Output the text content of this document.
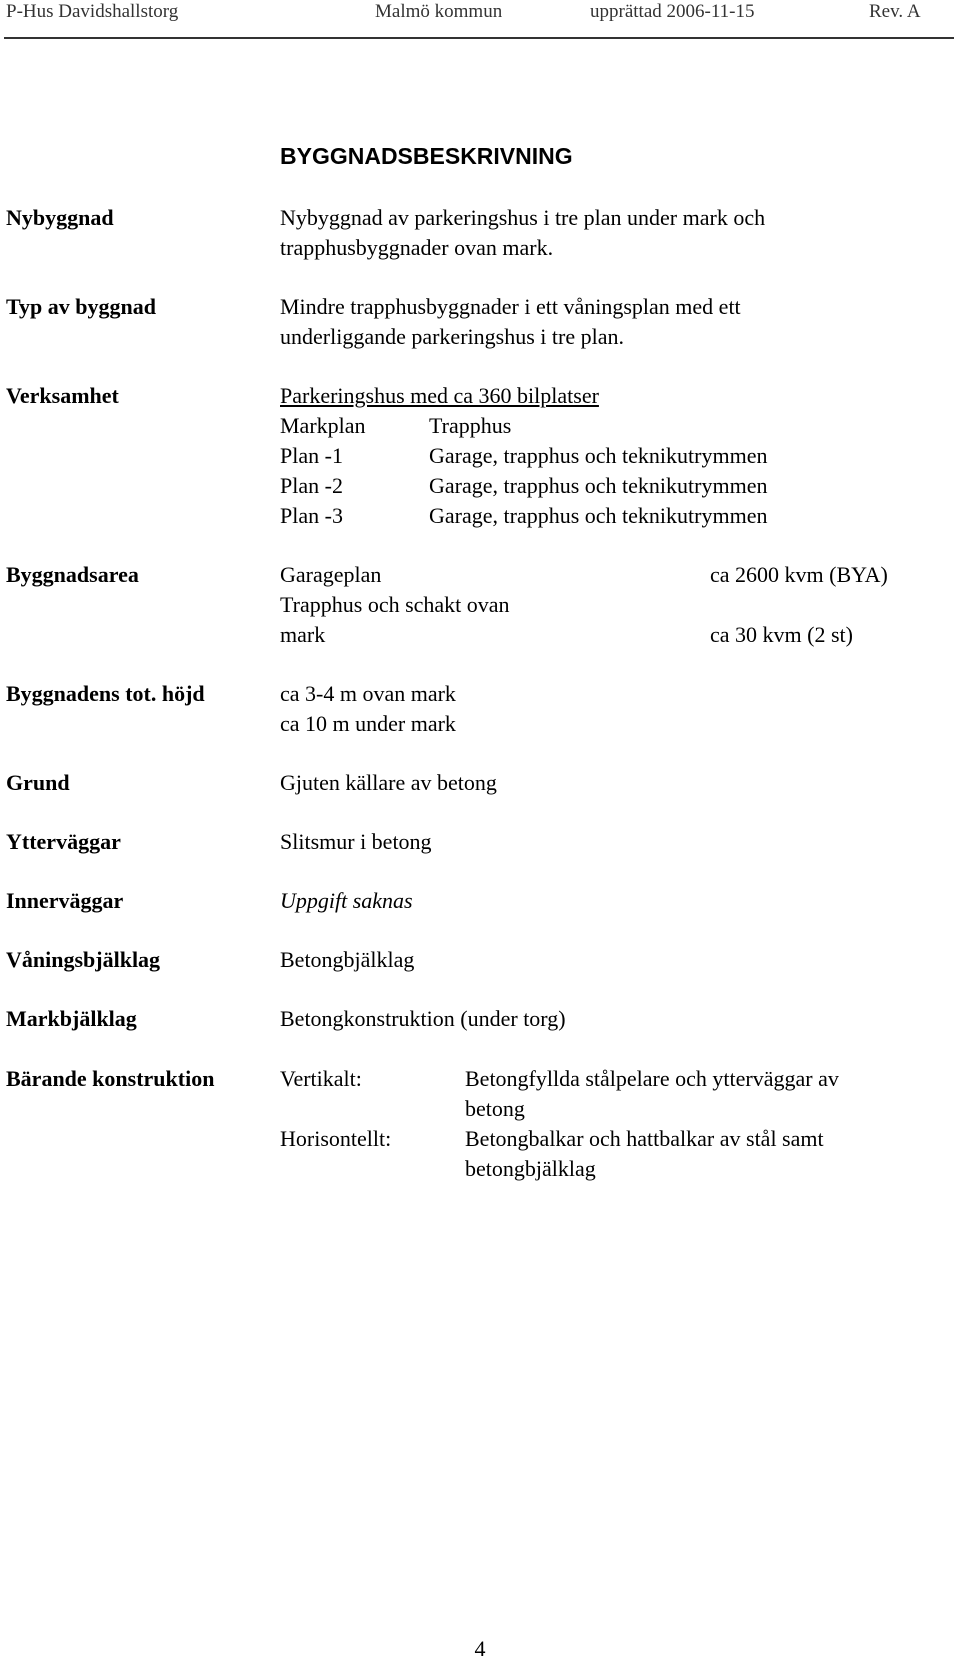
P-Hus Davidshallstorg	Malmö kommun	upprättad 2006-11-15	Rev. A
BYGGNADSBESKRIVNING
Nybyggnad	Nybyggnad av parkeringshus i tre plan under mark och
trapphusbyggnader ovan mark.
Typ av byggnad	Mindre trapphusbyggnader i ett våningsplan med ett
underliggande parkeringshus i tre plan.
Verksamhet	Parkeringshus med ca 360 bilplatser
Markplan	Trapphus
Plan -1	Garage, trapphus och teknikutrymmen
Plan -2	Garage, trapphus och teknikutrymmen
Plan -3	Garage, trapphus och teknikutrymmen
Byggnadsarea	Garageplan	ca 2600 kvm (BYA)
Trapphus och schakt ovan
mark	ca 30 kvm (2 st)
Byggnadens tot. höjd	ca 3-4 m ovan mark
ca 10 m under mark
Grund	Gjuten källare av betong
Ytterväggar	Slitsmur i betong
Innerväggar	Uppgift saknas
Våningsbjälklag	Betongbjälklag
Markbjälklag	Betongkonstruktion (under torg)
Bärande konstruktion	Vertikalt:	Betongfyllda stålpelare och ytterväggar av
betong
Horisontellt:	Betongbalkar och hattbalkar av stål samt
betongbjälklag
4
